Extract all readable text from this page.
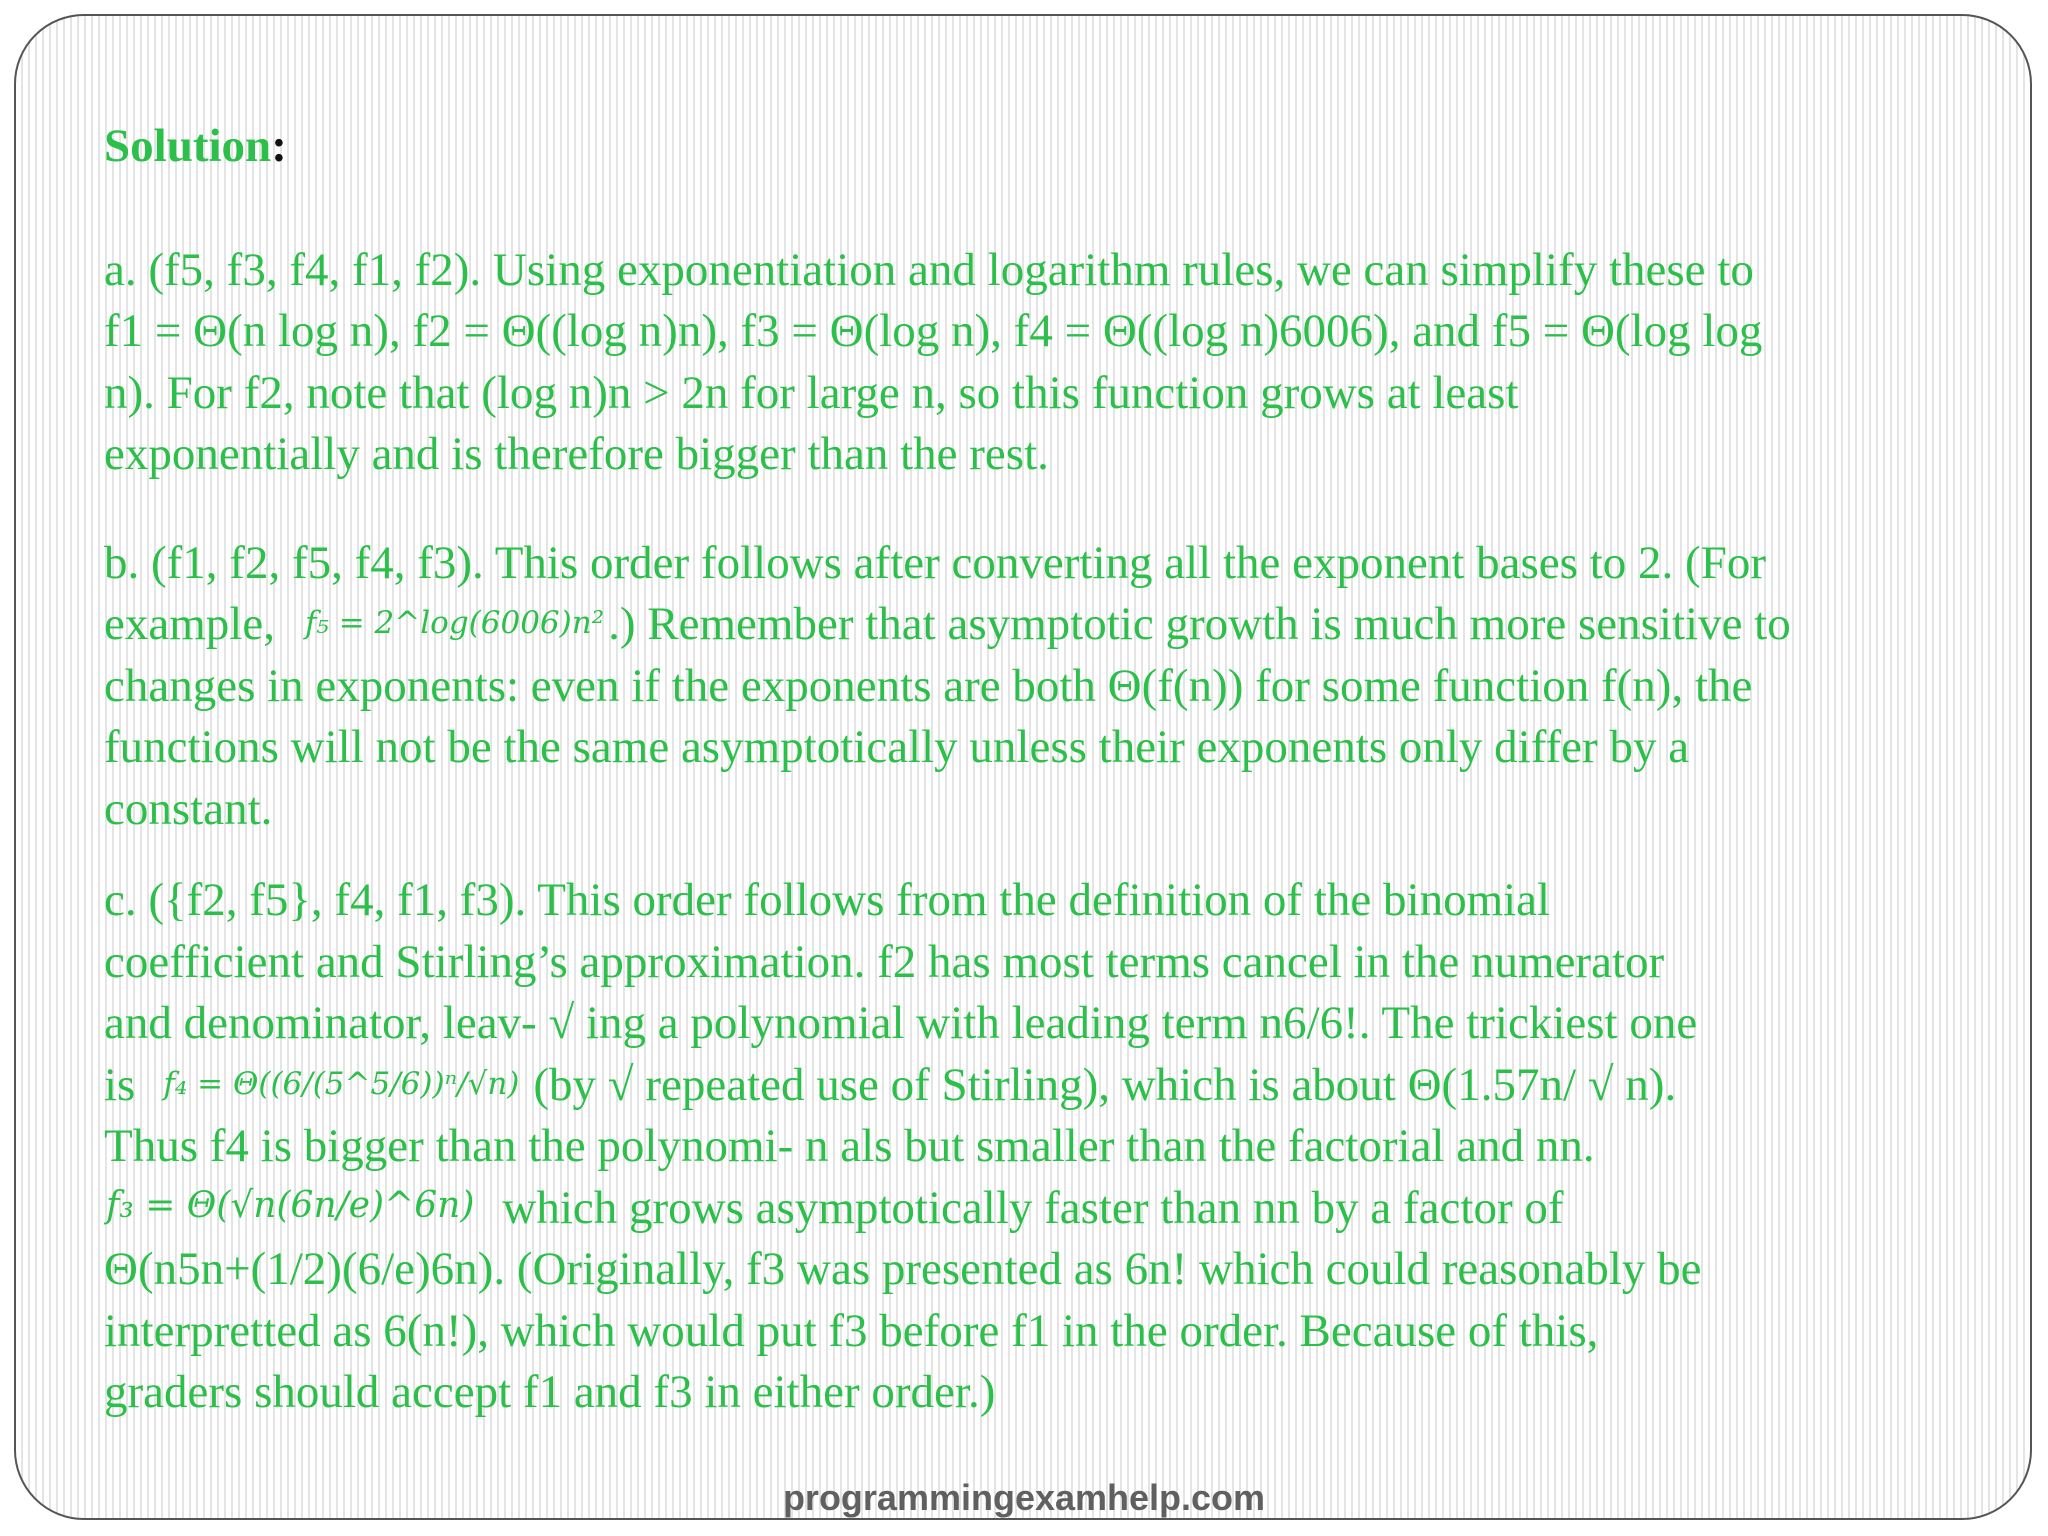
Solution:

a. (f5, f3, f4, f1, f2). Using exponentiation and logarithm rules, we can simplify these to
f1 = Θ(n log n), f2 = Θ((log n)n), f3 = Θ(log n), f4 = Θ((log n)6006), and f5 = Θ(log log
n). For f2, note that (log n)n > 2n for large n, so this function grows at least
exponentially and is therefore bigger than the rest.

b. (f1, f2, f5, f4, f3). This order follows after converting all the exponent bases to 2. (For
example, f₅ = 2^log(6006)n².) Remember that asymptotic growth is much more sensitive to
changes in exponents: even if the exponents are both Θ(f(n)) for some function f(n), the
functions will not be the same asymptotically unless their exponents only differ by a
constant.

c. ({f2, f5}, f4, f1, f3). This order follows from the definition of the binomial
coefficient and Stirling’s approximation. f2 has most terms cancel in the numerator
and denominator, leav- √ ing a polynomial with leading term n6/6!. The trickiest one
is f₄ = Θ((6/(5^5/6))ⁿ/√n) (by √ repeated use of Stirling), which is about Θ(1.57n/ √ n).
Thus f4 is bigger than the polynomi- n als but smaller than the factorial and nn.
f₃ = Θ(√n(6n/e)^6n) which grows asymptotically faster than nn by a factor of
Θ(n5n+(1/2)(6/e)6n). (Originally, f3 was presented as 6n! which could reasonably be
interpretted as 6(n!), which would put f3 before f1 in the order. Because of this,
graders should accept f1 and f3 in either order.)

programmingexamhelp.com
